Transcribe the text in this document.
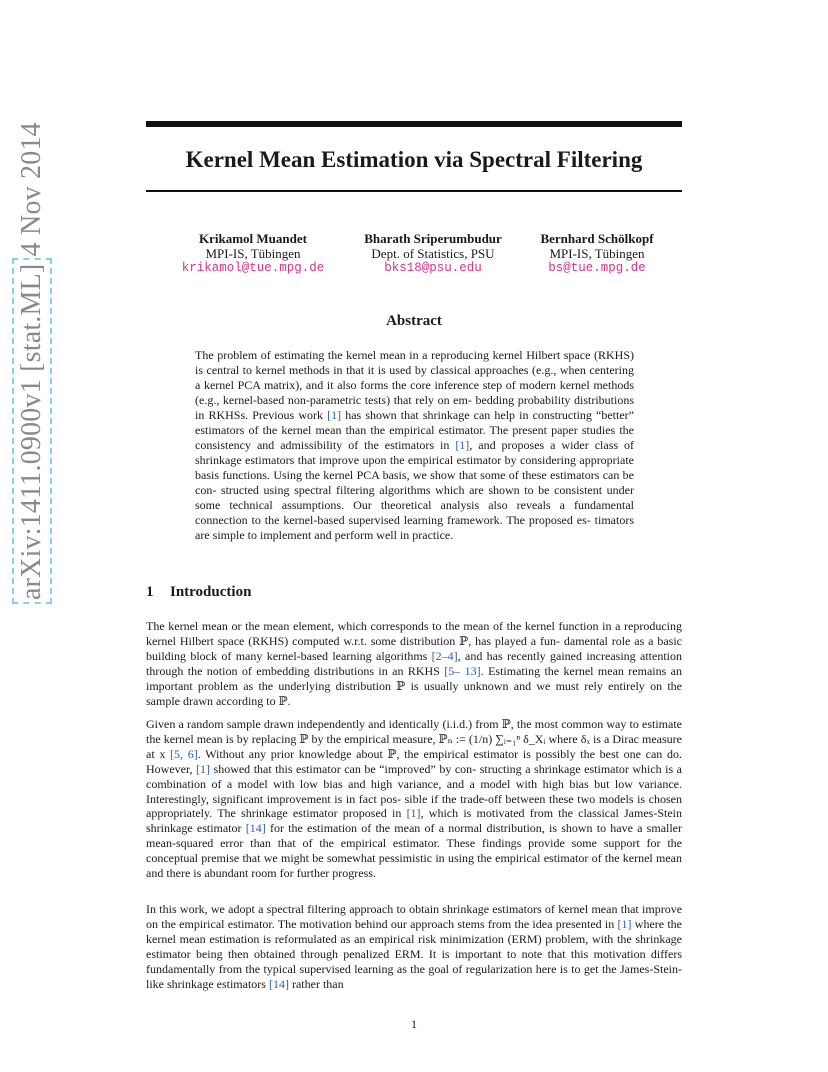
arXiv:1411.0900v1 [stat.ML] 4 Nov 2014	Kernel Mean Estimation via Spectral Filtering
Krikamol Muandet
MPI-IS, Tübingen
krikamol@tue.mpg.de
Bharath Sriperumbudur
Dept. of Statistics, PSU
bks18@psu.edu
Bernhard Schölkopf
MPI-IS, Tübingen
bs@tue.mpg.de
Abstract
The problem of estimating the kernel mean in a reproducing kernel Hilbert space (RKHS) is central to kernel methods in that it is used by classical approaches (e.g., when centering a kernel PCA matrix), and it also forms the core inference step of modern kernel methods (e.g., kernel-based non-parametric tests) that rely on em- bedding probability distributions in RKHSs. Previous work [1] has shown that shrinkage can help in constructing “better” estimators of the kernel mean than the empirical estimator. The present paper studies the consistency and admissibility of the estimators in [1], and proposes a wider class of shrinkage estimators that improve upon the empirical estimator by considering appropriate basis functions. Using the kernel PCA basis, we show that some of these estimators can be con- structed using spectral filtering algorithms which are shown to be consistent under some technical assumptions. Our theoretical analysis also reveals a fundamental connection to the kernel-based supervised learning framework. The proposed es- timators are simple to implement and perform well in practice.
1 Introduction
The kernel mean or the mean element, which corresponds to the mean of the kernel function in a reproducing kernel Hilbert space (RKHS) computed w.r.t. some distribution ℙ, has played a fun- damental role as a basic building block of many kernel-based learning algorithms [2–4], and has recently gained increasing attention through the notion of embedding distributions in an RKHS [5– 13]. Estimating the kernel mean remains an important problem as the underlying distribution ℙ is usually unknown and we must rely entirely on the sample drawn according to ℙ.
Given a random sample drawn independently and identically (i.i.d.) from ℙ, the most common way to estimate the kernel mean is by replacing ℙ by the empirical measure, ℙₙ := (1/n) ∑ᵢ₌₁ⁿ δ_Xᵢ where δₓ is a Dirac measure at x [5, 6]. Without any prior knowledge about ℙ, the empirical estimator is possibly the best one can do. However, [1] showed that this estimator can be “improved” by con- structing a shrinkage estimator which is a combination of a model with low bias and high variance, and a model with high bias but low variance. Interestingly, significant improvement is in fact pos- sible if the trade-off between these two models is chosen appropriately. The shrinkage estimator proposed in [1], which is motivated from the classical James-Stein shrinkage estimator [14] for the estimation of the mean of a normal distribution, is shown to have a smaller mean-squared error than that of the empirical estimator. These findings provide some support for the conceptual premise that we might be somewhat pessimistic in using the empirical estimator of the kernel mean and there is abundant room for further progress.
In this work, we adopt a spectral filtering approach to obtain shrinkage estimators of kernel mean that improve on the empirical estimator. The motivation behind our approach stems from the idea presented in [1] where the kernel mean estimation is reformulated as an empirical risk minimization (ERM) problem, with the shrinkage estimator being then obtained through penalized ERM. It is important to note that this motivation differs fundamentally from the typical supervised learning as the goal of regularization here is to get the James-Stein-like shrinkage estimators [14] rather than
1
